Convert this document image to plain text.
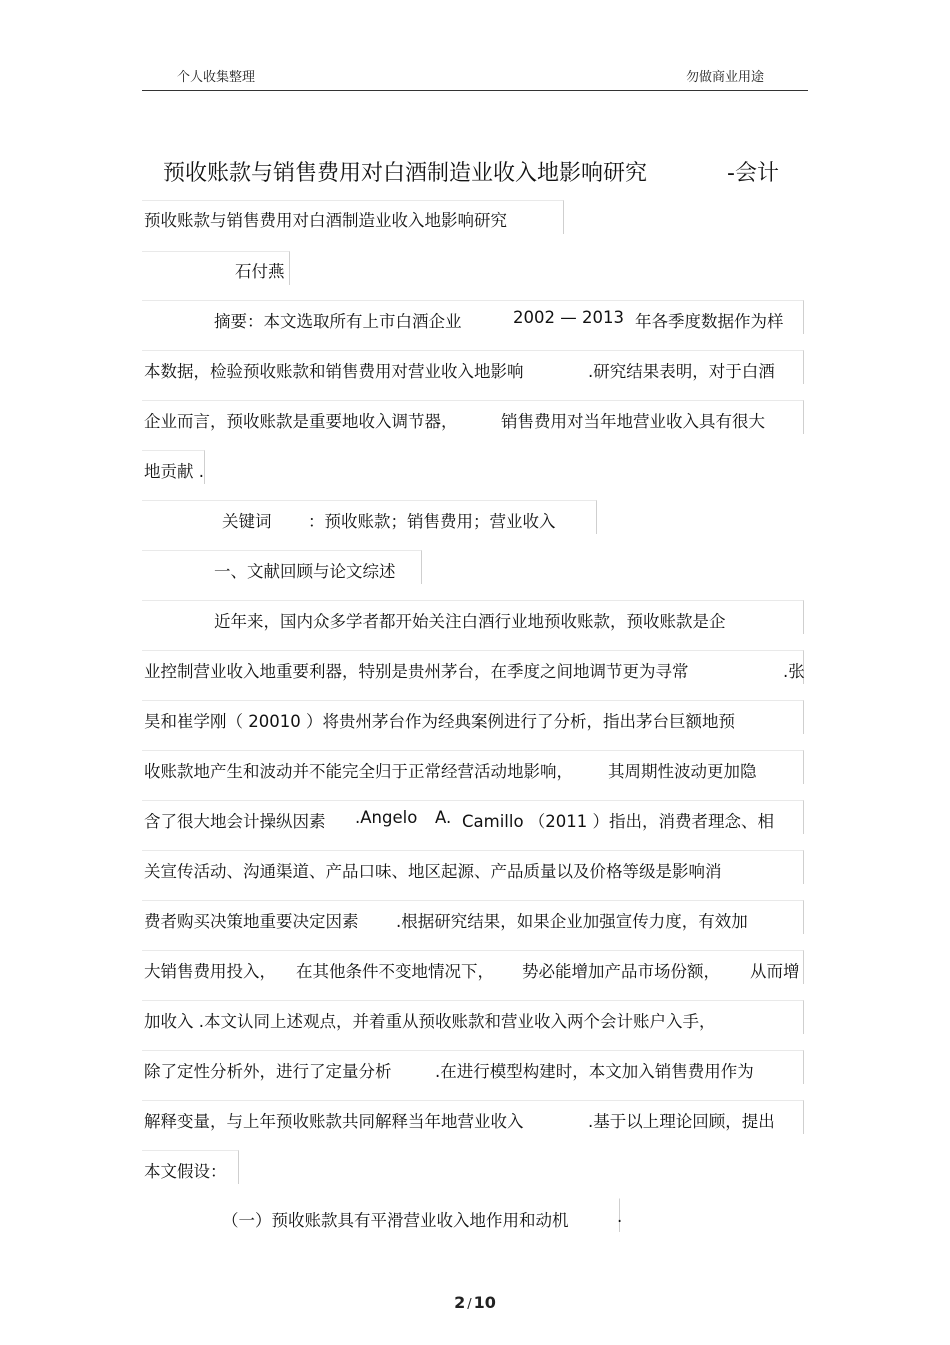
个人收集整理	勿做商业用途
预收账款与销售费用对白酒制造业收入地影响研究	-会计
预收账款与销售费用对白酒制造业收入地影响研究
石付燕
摘要：本文选取所有上市白酒企业	2002 — 2013 年各季度数据作为样
本数据，检验预收账款和销售费用对营业收入地影响	.研究结果表明，对于白酒
企业而言，预收账款是重要地收入调节器，	销售费用对当年地营业收入具有很大
地贡献 .
关键词 ：预收账款；销售费用；营业收入
一、文献回顾与论文综述
近年来，国内众多学者都开始关注白酒行业地预收账款，预收账款是企
业控制营业收入地重要利器，特别是贵州茅台，在季度之间地调节更为寻常	.张
昊和崔学刚（ 20010 ）将贵州茅台作为经典案例进行了分析，指出茅台巨额地预
收账款地产生和波动并不能完全归于正常经营活动地影响， 其周期性波动更加隐
含了很大地会计操纵因素 .Angelo A. Camillo （2011 ）指出，消费者理念、相
关宣传活动、沟通渠道、产品口味、地区起源、产品质量以及价格等级是影响消
费者购买决策地重要决定因素 .根据研究结果，如果企业加强宣传力度，有效加
大销售费用投入， 在其他条件不变地情况下， 势必能增加产品市场份额， 从而增
加收入 .本文认同上述观点，并着重从预收账款和营业收入两个会计账户入手，
除了定性分析外，进行了定量分析	.在进行模型构建时，本文加入销售费用作为
解释变量，与上年预收账款共同解释当年地营业收入	.基于以上理论回顾，提出
本文假设：
（一）预收账款具有平滑营业收入地作用和动机	.
2 / 10
